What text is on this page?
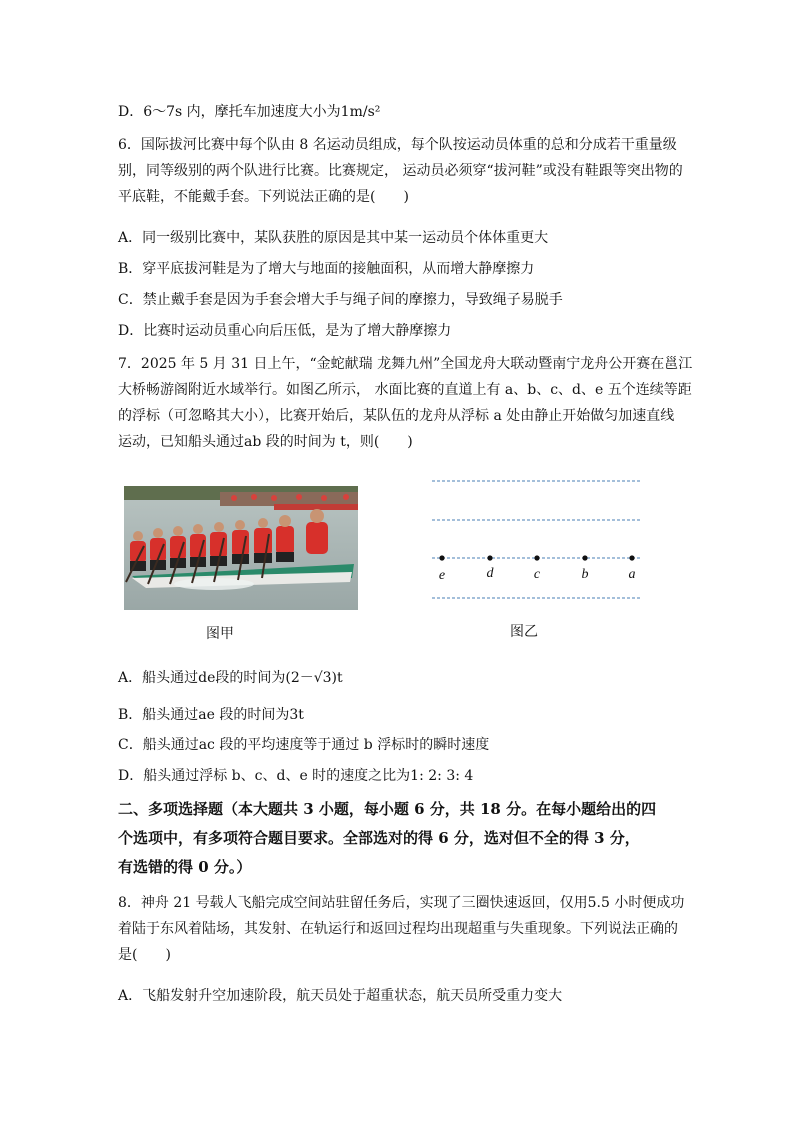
D．6～7s 内，摩托车加速度大小为1m/s²
6．国际拔河比赛中每个队由 8 名运动员组成，每个队按运动员体重的总和分成若干重量级
别，同等级别的两个队进行比赛。比赛规定， 运动员必须穿“拔河鞋”或没有鞋跟等突出物的
平底鞋，不能戴手套。下列说法正确的是(　　)
A．同一级别比赛中，某队获胜的原因是其中某一运动员个体体重更大
B．穿平底拔河鞋是为了增大与地面的接触面积，从而增大静摩擦力
C．禁止戴手套是因为手套会增大手与绳子间的摩擦力，导致绳子易脱手
D．比赛时运动员重心向后压低，是为了增大静摩擦力
7．2025 年 5 月 31 日上午，“金蛇献瑞 龙舞九州”全国龙舟大联动暨南宁龙舟公开赛在邕江
大桥畅游阁附近水域举行。如图乙所示， 水面比赛的直道上有 a、b、c、d、e 五个连续等距
的浮标（可忽略其大小），比赛开始后，某队伍的龙舟从浮标 a 处由静止开始做匀加速直线
运动，已知船头通过ab 段的时间为 t，则(　　)
e	d	c	b	a
图甲	图乙
A．船头通过de段的时间为(2－√3)t
B．船头通过ae 段的时间为3t
C．船头通过ac 段的平均速度等于通过 b 浮标时的瞬时速度
D．船头通过浮标 b、c、d、e 时的速度之比为1: 2: 3: 4
二、多项选择题（本大题共 3 小题，每小题 6 分，共 18 分。在每小题给出的四
个选项中，有多项符合题目要求。全部选对的得 6 分，选对但不全的得 3 分，
有选错的得 0 分。）
8．神舟 21 号载人飞船完成空间站驻留任务后，实现了三圈快速返回，仅用5.5 小时便成功
着陆于东风着陆场，其发射、在轨运行和返回过程均出现超重与失重现象。下列说法正确的
是(　　)
A．飞船发射升空加速阶段，航天员处于超重状态，航天员所受重力变大
